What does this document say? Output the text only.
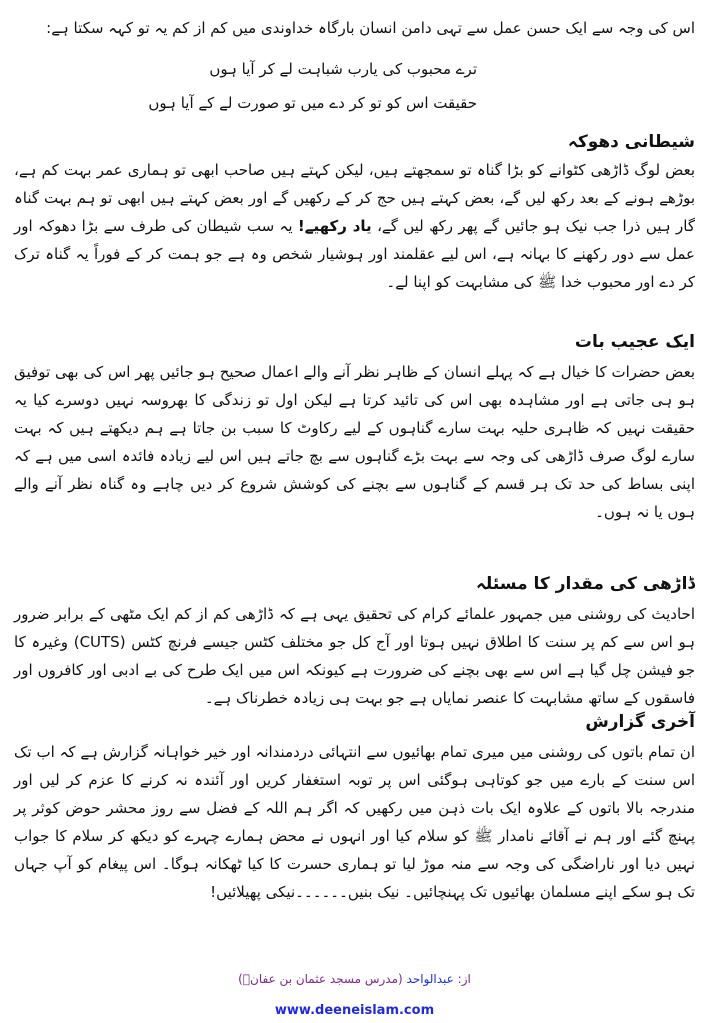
اس کی وجہ سے ایک حسن عمل سے تہی دامن انسان بارگاہ خداوندی میں کم از کم یہ تو کہہ سکتا ہے:

ترے محبوب کی یارب شباہت لے کر آیا ہوں
حقیقت اس کو تو کر دے میں تو صورت لے کے آیا ہوں
شیطانی دھوکہ

بعض لوگ ڈاڑھی کٹوانے کو بڑا گناہ تو سمجھتے ہیں، لیکن کہتے ہیں صاحب ابھی تو ہماری عمر بہت کم ہے، بوڑھے ہونے کے بعد رکھ لیں گے، بعض کہتے ہیں حج کر کے رکھیں گے اور بعض کہتے ہیں ابھی تو ہم بہت گناہ گار ہیں ذرا جب نیک ہو جائیں گے پھر رکھ لیں گے، یاد رکھیے! یہ سب شیطان کی طرف سے بڑا دھوکہ اور عمل سے دور رکھنے کا بہانہ ہے، اس لیے عقلمند اور ہوشیار شخص وہ ہے جو ہمت کر کے فوراً یہ گناہ ترک کر دے اور محبوب خدا ﷺ کی مشابہت کو اپنا لے۔

ایک عجیب بات

بعض حضرات کا خیال ہے کہ پہلے انسان کے ظاہر نظر آنے والے اعمال صحیح ہو جائیں پھر اس کی بھی توفیق ہو ہی جاتی ہے اور مشاہدہ بھی اس کی تائید کرتا ہے لیکن اول تو زندگی کا بھروسہ نہیں دوسرے کیا یہ حقیقت نہیں کہ ظاہری حلیہ بہت سارے گناہوں کے لیے رکاوٹ کا سبب بن جاتا ہے ہم دیکھتے ہیں کہ بہت سارے لوگ صرف ڈاڑھی کی وجہ سے بہت بڑے گناہوں سے بچ جاتے ہیں اس لیے زیادہ فائدہ اسی میں ہے کہ اپنی بساط کی حد تک ہر قسم کے گناہوں سے بچنے کی کوشش شروع کر دیں چاہے وہ گناہ نظر آنے والے ہوں یا نہ ہوں۔

ڈاڑھی کی مقدار کا مسئلہ

احادیث کی روشنی میں جمہور علمائے کرام کی تحقیق یہی ہے کہ ڈاڑھی کم از کم ایک مٹھی کے برابر ضرور ہو اس سے کم پر سنت کا اطلاق نہیں ہوتا اور آج کل جو مختلف کٹس جیسے فرنچ کٹس (CUTS) وغیرہ کا جو فیشن چل گیا ہے اس سے بھی بچنے کی ضرورت ہے کیونکہ اس میں ایک طرح کی بے ادبی اور کافروں اور فاسقوں کے ساتھ مشابہت کا عنصر نمایاں ہے جو بہت ہی زیادہ خطرناک ہے۔

آخری گزارش

ان تمام باتوں کی روشنی میں میری تمام بھائیوں سے انتہائی دردمندانہ اور خیر خواہانہ گزارش ہے کہ اب تک اس سنت کے بارے میں جو کوتاہی ہوگئی اس پر توبہ استغفار کریں اور آئندہ نہ کرنے کا عزم کر لیں اور مندرجہ بالا باتوں کے علاوہ ایک بات ذہن میں رکھیں کہ اگر ہم اللہ کے فضل سے روز محشر حوض کوثر پر پہنچ گئے اور ہم نے آقائے نامدار ﷺ کو سلام کیا اور انہوں نے محض ہمارے چہرے کو دیکھ کر سلام کا جواب نہیں دیا اور ناراضگی کی وجہ سے منہ موڑ لیا تو ہماری حسرت کا کیا ٹھکانہ ہوگا۔ اس پیغام کو آپ جہاں تک ہو سکے اپنے مسلمان بھائیوں تک پہنچائیں۔ نیک بنیں۔۔۔۔۔۔نیکی پھیلائیں!

از: عبدالواحد (مدرس مسجد عثمان بن عفانؓ)
www.deeneislam.com
